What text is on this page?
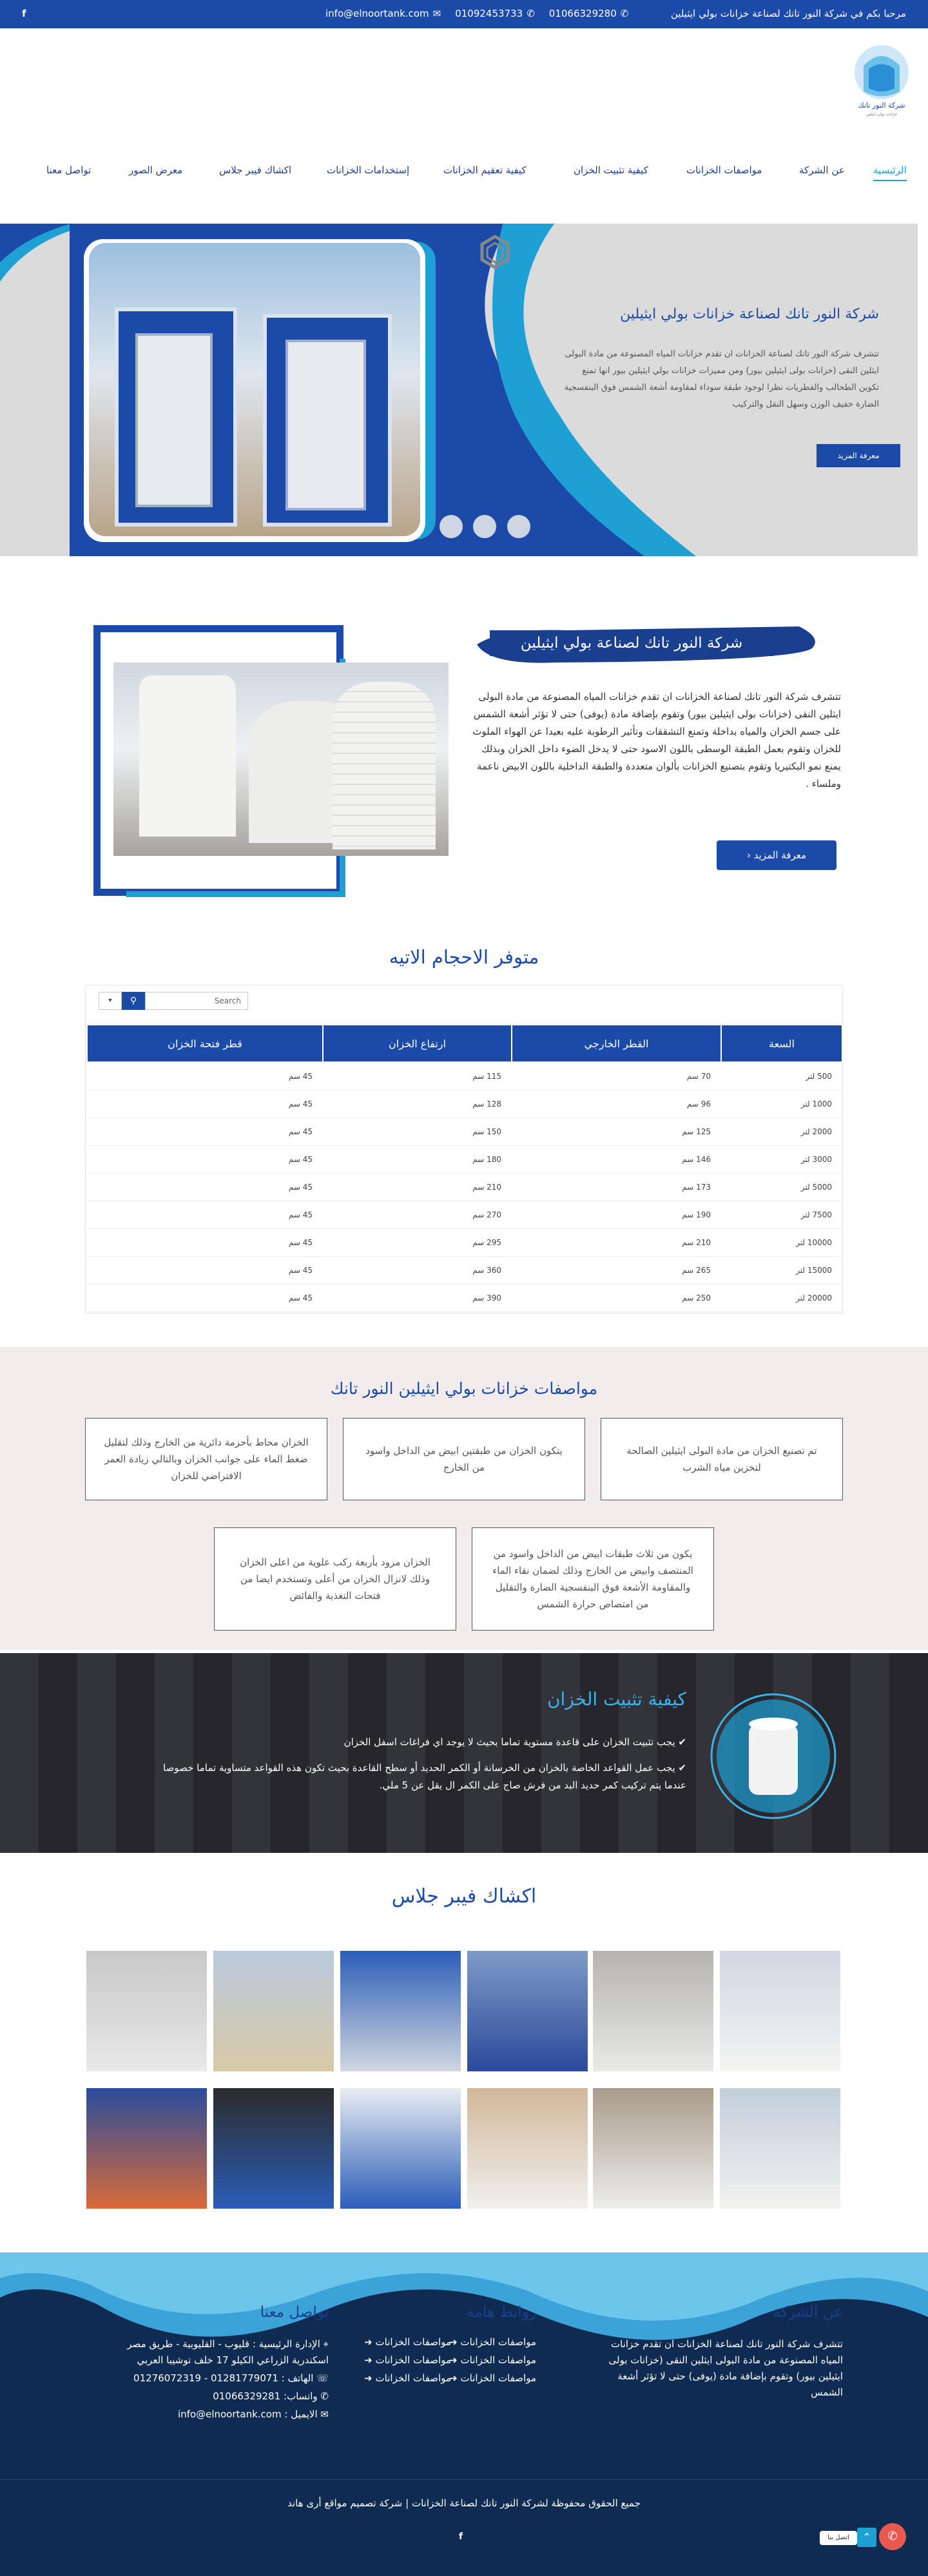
f	info@elnoortank.com ✉ 01092453733 ✆ 01066329280 ✆	مرحبا بكم في شركة النور تانك لصناعة خزانات بولي ايثيلين
شركة النور تانك
خزانات بولي ايثيلين
الرئيسية
عن الشركة
مواصفات الخزانات
كيفية تثبيت الخزان
كيفية تعقيم الخزانات
إستخدامات الخزانات
اكشاك فيبر جلاس
معرض الصور
تواصل معنا
شركة النور تانك لصناعة خزانات بولي ايثيلين
تتشرف شركة النور تانك لصناعة الخزانات ان تقدم خزانات المياه المصنوعة من مادة البولى ايثلين النقى (خزانات بولى ايثيلين بيور) ومن مميزات خزانات بولي ايثيلين بيور انها تمنع تكوين الطحالب والفطريات نظرا لوجود طبقة سوداء لمقاومة أشعة الشمس فوق البنفسجية الضارة خفيف الوزن وسهل النقل والتركيب
معرفة المزيد
شركة النور تانك لصناعة بولي ايثيلين
تتشرف شركة النور تانك لصناعة الخزانات ان تقدم خزانات المياه المصنوعة من مادة البولى ايثلين النقى (خزانات بولى ايثيلين بيور) وتقوم بإضافة مادة (يوفى) حتى لا تؤثر أشعة الشمس على جسم الخزان والمياه بداخلة وتمنع التشققات وتأثير الرطوبة عليه بعيدا عن الهواء الملوث للخزان وتقوم بعمل الطبقة الوسطى باللون الاسود حتى لا يدخل الضوء داخل الخزان وبذلك يمنع نمو البكتيريا وتقوم بتصنيع الخزانات بألوان متعددة والطبقة الداخلية باللون الابيض ناعمة وملساء .
معرفة المزيد ‹
متوفر الاحجام الاتيه
▾	⚲	Search
السعة	القطر الخارجي	ارتفاع الخزان	قطر فتحة الخزان
500 لتر	70 سم	115 سم	45 سم
1000 لتر	96 سم	128 سم	45 سم
2000 لتر	125 سم	150 سم	45 سم
3000 لتر	146 سم	180 سم	45 سم
5000 لتر	173 سم	210 سم	45 سم
7500 لتر	190 سم	270 سم	45 سم
10000 لتر	210 سم	295 سم	45 سم
15000 لتر	265 سم	360 سم	45 سم
20000 لتر	250 سم	390 سم	45 سم
مواصفات خزانات بولي ايثيلين النور تانك
تم تصنيع الخزان من مادة البولى ايثيلين الصالحة لتخزين مياه الشرب
يتكون الخزان من طبقتين ابيض من الداخل واسود من الخارج
الخزان محاط بأحزمة دائرية من الخارج وذلك لتقليل ضغط الماء على جوانب الخزان وبالتالي زيادة العمر الافتراضي للخزان
يكون من ثلاث طبقات ابيض من الداخل واسود من المنتصف وابيض من الخارج وذلك لضمان نقاء الماء والمقاومة الأشعة فوق البنفسجية الضارة والتقليل من امتصاص حرارة الشمس
الخزان مزود بأربعة ركب علوية من اعلى الخزان وذلك لانزال الخزان من أعلى وتستخدم ايضا من فتحات التغذية والفائض
كيفية تثبيت الخزان
✔ يجب تثبيت الخزان على قاعدة مستوية تماما بحيث لا يوجد اي فراغات اسفل الخزان
✔ يجب عمل القواعد الخاصة بالخزان من الخرسانة أو الكمر الحديد أو سطح القاعدة بحيث تكون هذه القواعد متساوية تماما خصوصا عندما يتم تركيب كمر حديد البد من فرش صاج على الكمر ال يقل عن 5 ملي.
اكشاك فيبر جلاس
عن الشركة
تتشرف شركة النور تانك لصناعة الخزانات ان تقدم خزانات المياه المصنوعة من مادة البولى ايثلين النقى (خزانات بولى ايثيلين بيور) وتقوم بإضافة مادة (يوفى) حتى لا تؤثر أشعة الشمس
روابط هامة
مواصفات الخزانات ➜
مواصفات الخزانات ➜
مواصفات الخزانات ➜
مواصفات الخزانات ➜
مواصفات الخزانات ➜
مواصفات الخزانات ➜
تواصل معنا
⌖ الإدارة الرئيسية : قليوب - القليوبية - طريق مصر اسكندرية الزراعي الكيلو 17 خلف توشيبا العربي
☏ الهاتف : 01281779071 - 01276072319
✆ واتساب: 01066329281
✉ الايميل : info@elnoortank.com
جميع الحقوق محفوظة لشركة النور تانك لصناعة الخزانات | شركة تصميم مواقع أرى هاند
f	اتصل بنا	⌃	✆
